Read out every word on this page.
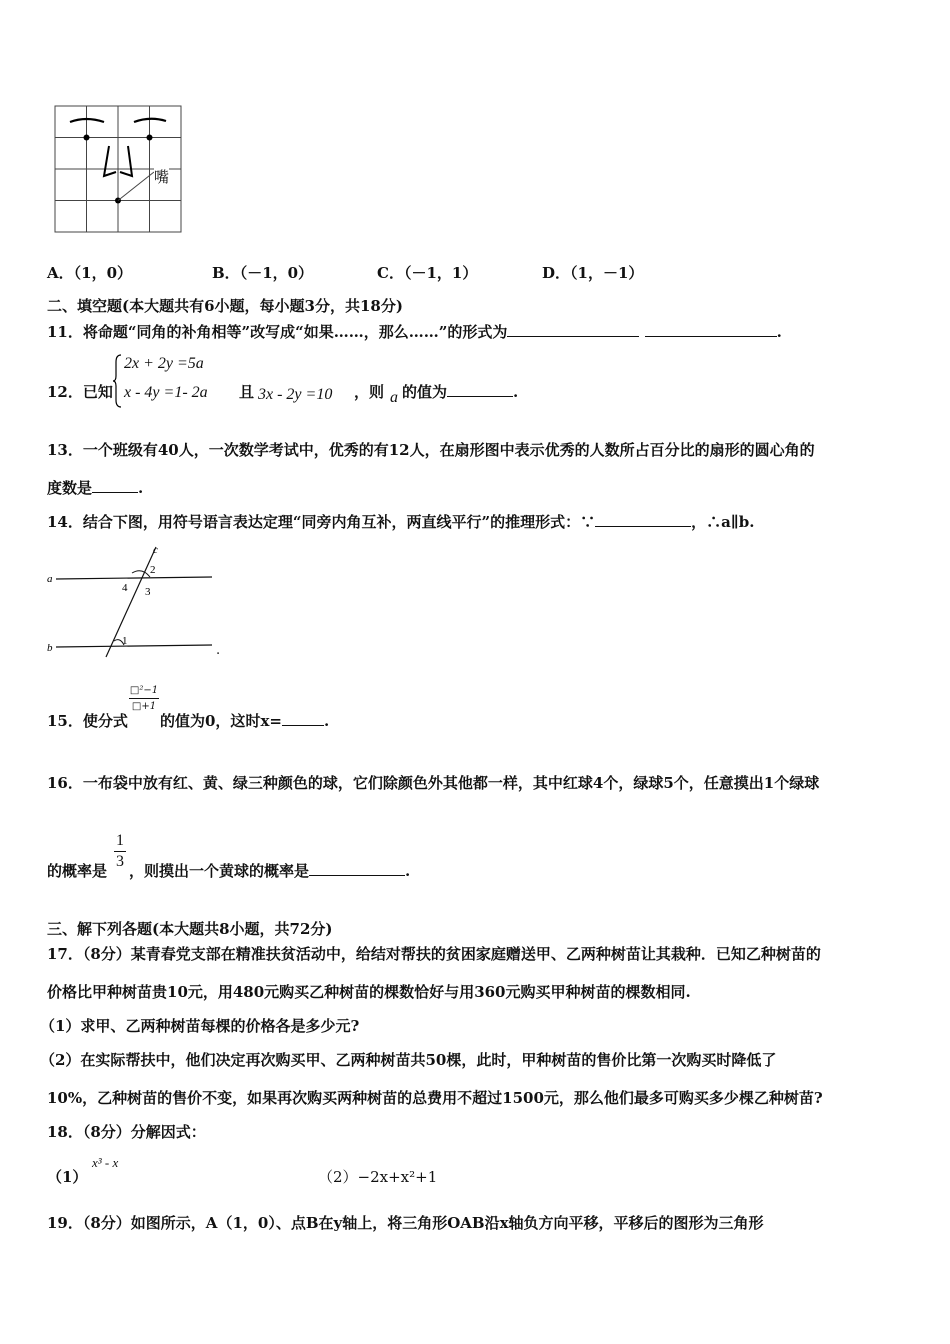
嘴
A．（1，0）	B．（－1，0）	C．（－1，1）	D．（1，－1）
二、填空题(本大题共有6小题，每小题3分，共18分)
11．将命题“同角的补角相等”改写成“如果……，那么……”的形式为	.
12．已知
2x + 2y =5a
x - 4y =1- 2a 且 3x - 2y =10 ，则 a 的值为	.
13．一个班级有40人，一次数学考试中，优秀的有12人，在扇形图中表示优秀的人数所占百分比的扇形的圆心角的
度数是	.
14．结合下图，用符号语言表达定理“同旁内角互补，两直线平行”的推理形式：∵	，∴a∥b.
c
a
b
2
4 3
1
.
15．使分式
□²−1
□+1
的值为0，这时x=	.
16．一布袋中放有红、黄、绿三种颜色的球，它们除颜色外其他都一样，其中红球4个，绿球5个，任意摸出1个绿球
的概率是
1
3
，则摸出一个黄球的概率是	.
三、解下列各题(本大题共8小题，共72分)
17．（8分）某青春党支部在精准扶贫活动中，给结对帮扶的贫困家庭赠送甲、乙两种树苗让其栽种．已知乙种树苗的
价格比甲种树苗贵10元，用480元购买乙种树苗的棵数恰好与用360元购买甲种树苗的棵数相同.
（1）求甲、乙两种树苗每棵的价格各是多少元?
（2）在实际帮扶中，他们决定再次购买甲、乙两种树苗共50棵，此时，甲种树苗的售价比第一次购买时降低了
10%，乙种树苗的售价不变，如果再次购买两种树苗的总费用不超过1500元，那么他们最多可购买多少棵乙种树苗?
18．（8分）分解因式：
（1）
x³ - x
（2）−2x+x²+1
19．（8分）如图所示，A（1，0）、点B在y轴上，将三角形OAB沿x轴负方向平移，平移后的图形为三角形
